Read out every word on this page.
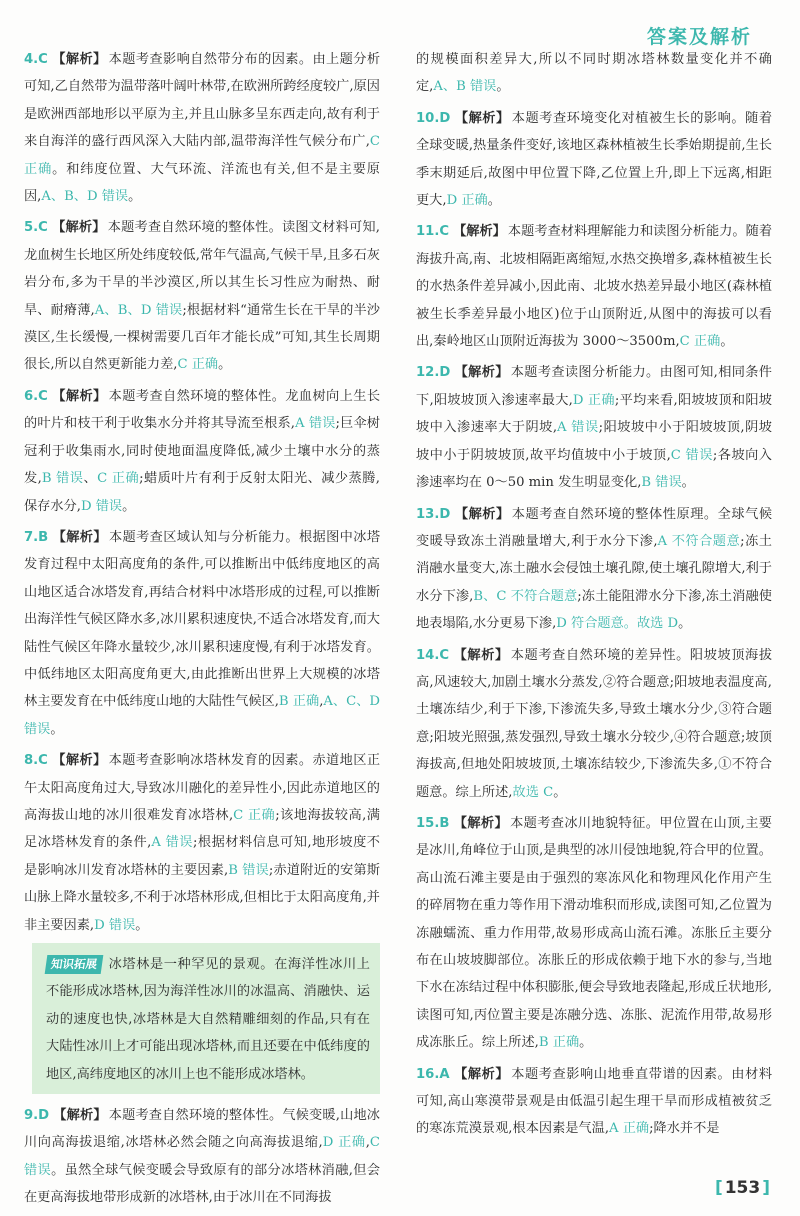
答案及解析
4.C 【解析】 本题考查影响自然带分布的因素。由上题分析可知,乙自然带为温带落叶阔叶林带,在欧洲所跨经度较广,原因是欧洲西部地形以平原为主,并且山脉多呈东西走向,故有利于来自海洋的盛行西风深入大陆内部,温带海洋性气候分布广,C 正确。和纬度位置、大气环流、洋流也有关,但不是主要原因,A、B、D 错误。
5.C 【解析】 本题考查自然环境的整体性。读图文材料可知,龙血树生长地区所处纬度较低,常年气温高,气候干旱,且多石灰岩分布,多为干旱的半沙漠区,所以其生长习性应为耐热、耐旱、耐瘠薄,A、B、D 错误;根据材料“通常生长在干旱的半沙漠区,生长缓慢,一棵树需要几百年才能长成”可知,其生长周期很长,所以自然更新能力差,C 正确。
6.C 【解析】 本题考查自然环境的整体性。龙血树向上生长的叶片和枝干利于收集水分并将其导流至根系,A 错误;巨伞树冠利于收集雨水,同时使地面温度降低,减少土壤中水分的蒸发,B 错误、C 正确;蜡质叶片有利于反射太阳光、减少蒸腾,保存水分,D 错误。
7.B 【解析】 本题考查区域认知与分析能力。根据图中冰塔发育过程中太阳高度角的条件,可以推断出中低纬度地区的高山地区适合冰塔发育,再结合材料中冰塔形成的过程,可以推断出海洋性气候区降水多,冰川累积速度快,不适合冰塔发育,而大陆性气候区年降水量较少,冰川累积速度慢,有利于冰塔发育。中低纬地区太阳高度角更大,由此推断出世界上大规模的冰塔林主要发育在中低纬度山地的大陆性气候区,B 正确,A、C、D 错误。
8.C 【解析】 本题考查影响冰塔林发育的因素。赤道地区正午太阳高度角过大,导致冰川融化的差异性小,因此赤道地区的高海拔山地的冰川很难发育冰塔林,C 正确;该地海拔较高,满足冰塔林发育的条件,A 错误;根据材料信息可知,地形坡度不是影响冰川发育冰塔林的主要因素,B 错误;赤道附近的安第斯山脉上降水量较多,不利于冰塔林形成,但相比于太阳高度角,并非主要因素,D 错误。
知识拓展 冰塔林是一种罕见的景观。在海洋性冰川上不能形成冰塔林,因为海洋性冰川的冰温高、消融快、运动的速度也快,冰塔林是大自然精雕细刻的作品,只有在大陆性冰川上才可能出现冰塔林,而且还要在中低纬度的地区,高纬度地区的冰川上也不能形成冰塔林。
9.D 【解析】 本题考查自然环境的整体性。气候变暖,山地冰川向高海拔退缩,冰塔林必然会随之向高海拔退缩,D 正确,C 错误。虽然全球气候变暖会导致原有的部分冰塔林消融,但会在更高海拔地带形成新的冰塔林,由于冰川在不同海拔
的规模面积差异大,所以不同时期冰塔林数量变化并不确定,A、B 错误。
10.D 【解析】 本题考查环境变化对植被生长的影响。随着全球变暖,热量条件变好,该地区森林植被生长季始期提前,生长季末期延后,故图中甲位置下降,乙位置上升,即上下远离,相距更大,D 正确。
11.C 【解析】 本题考查材料理解能力和读图分析能力。随着海拔升高,南、北坡相隔距离缩短,水热交换增多,森林植被生长的水热条件差异减小,因此南、北坡水热差异最小地区(森林植被生长季差异最小地区)位于山顶附近,从图中的海拔可以看出,秦岭地区山顶附近海拔为 3000～3500m,C 正确。
12.D 【解析】 本题考查读图分析能力。由图可知,相同条件下,阳坡坡顶入渗速率最大,D 正确;平均来看,阳坡坡顶和阳坡坡中入渗速率大于阴坡,A 错误;阳坡坡中小于阳坡坡顶,阴坡坡中小于阴坡坡顶,故平均值坡中小于坡顶,C 错误;各坡向入渗速率均在 0～50 min 发生明显变化,B 错误。
13.D 【解析】 本题考查自然环境的整体性原理。全球气候变暖导致冻土消融量增大,利于水分下渗,A 不符合题意;冻土消融水量变大,冻土融水会侵蚀土壤孔隙,使土壤孔隙增大,利于水分下渗,B、C 不符合题意;冻土能阻滞水分下渗,冻土消融使地表塌陷,水分更易下渗,D 符合题意。故选 D。
14.C 【解析】 本题考查自然环境的差异性。阳坡坡顶海拔高,风速较大,加剧土壤水分蒸发,②符合题意;阳坡地表温度高,土壤冻结少,利于下渗,下渗流失多,导致土壤水分少,③符合题意;阳坡光照强,蒸发强烈,导致土壤水分较少,④符合题意;坡顶海拔高,但地处阳坡坡顶,土壤冻结较少,下渗流失多,①不符合题意。综上所述,故选 C。
15.B 【解析】 本题考查冰川地貌特征。甲位置在山顶,主要是冰川,角峰位于山顶,是典型的冰川侵蚀地貌,符合甲的位置。高山流石滩主要是由于强烈的寒冻风化和物理风化作用产生的碎屑物在重力等作用下滑动堆积而形成,读图可知,乙位置为冻融蠕流、重力作用带,故易形成高山流石滩。冻胀丘主要分布在山坡坡脚部位。冻胀丘的形成依赖于地下水的参与,当地下水在冻结过程中体积膨胀,便会导致地表隆起,形成丘状地形,读图可知,丙位置主要是冻融分选、冻胀、泥流作用带,故易形成冻胀丘。综上所述,B 正确。
16.A 【解析】 本题考查影响山地垂直带谱的因素。由材料可知,高山寒漠带景观是由低温引起生理干旱而形成植被贫乏的寒冻荒漠景观,根本因素是气温,A 正确;降水并不是
[ 153 ]
